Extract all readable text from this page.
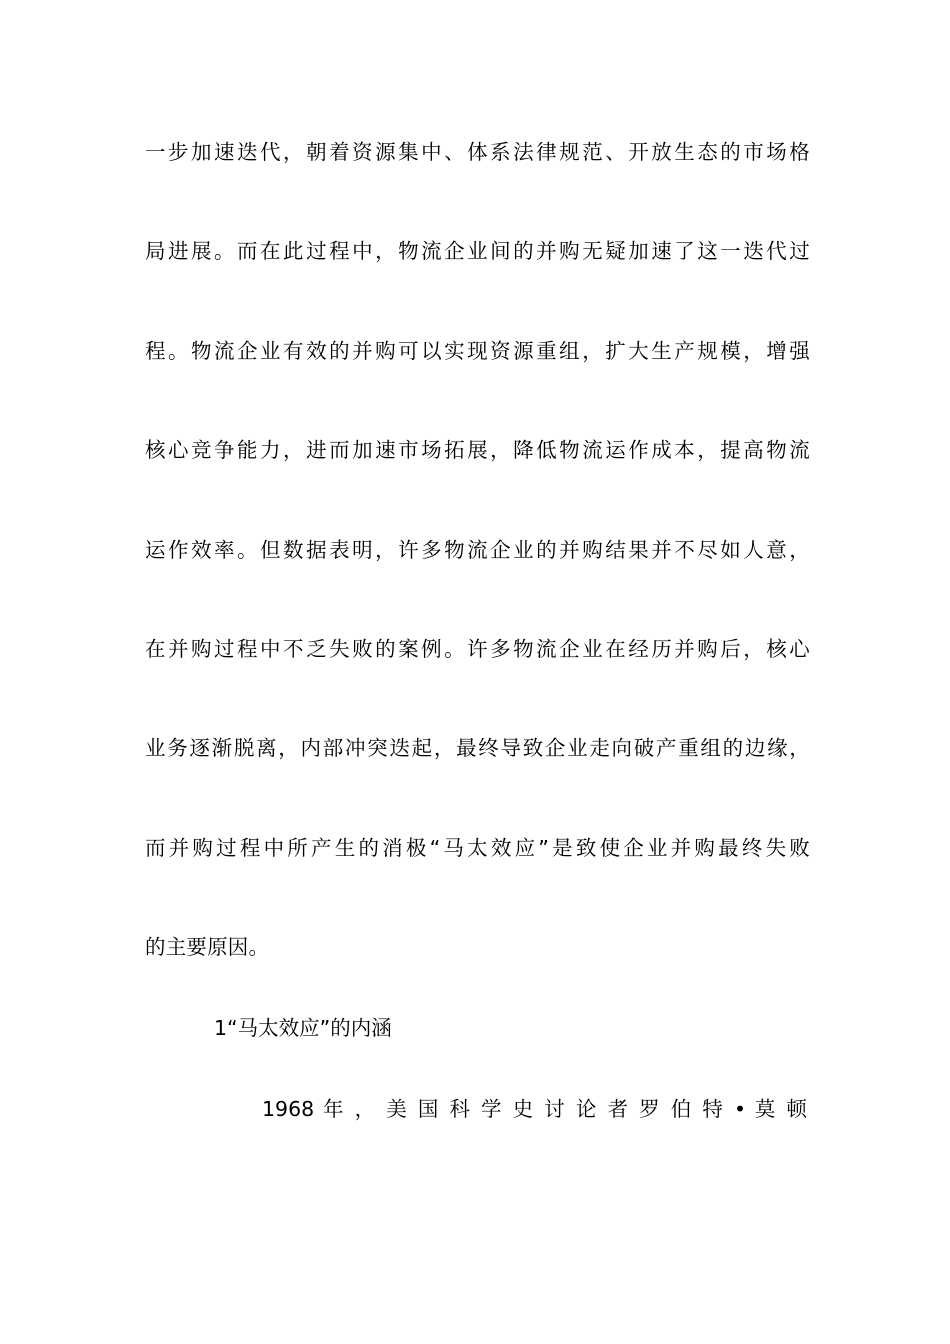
一步加速迭代，朝着资源集中、体系法律规范、开放生态的市场格
局进展。而在此过程中，物流企业间的并购无疑加速了这一迭代过
程。物流企业有效的并购可以实现资源重组，扩大生产规模，增强
核心竞争能力，进而加速市场拓展，降低物流运作成本，提高物流
运作效率。但数据表明，许多物流企业的并购结果并不尽如人意，
在并购过程中不乏失败的案例。许多物流企业在经历并购后，核心
业务逐渐脱离，内部冲突迭起，最终导致企业走向破产重组的边缘，
而并购过程中所产生的消极“马太效应”是致使企业并购最终失败
的主要原因。
1“马太效应”的内涵
1968 年 ， 美 国 科 学 史 讨 论 者 罗 伯 特 • 莫 顿
